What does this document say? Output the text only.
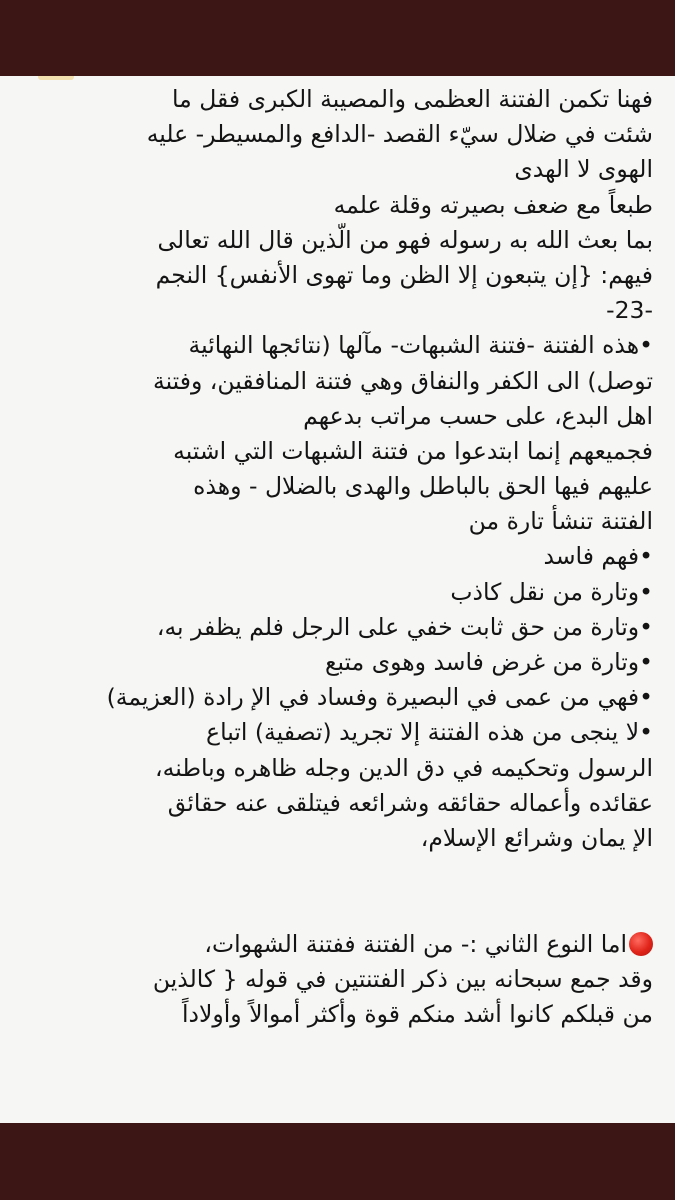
فهنا تكمن الفتنة العظمى والمصيبة الكبرى فقل ما
شئت في ضلال سيّء القصد -الدافع والمسيطر- عليه
الهوى لا الهدى
طبعاً مع ضعف بصيرته وقلة علمه
بما بعث الله به رسوله فهو من الّذين قال الله تعالى
فيهم: {إن يتبعون إلا الظن وما تهوى الأنفس} النجم
-23-
•هذه الفتنة -فتنة الشبهات- مآلها (نتائجها النهائية
توصل) الى الكفر والنفاق وهي فتنة المنافقين، وفتنة
اهل البدع، على حسب مراتب بدعهم
فجميعهم إنما ابتدعوا من فتنة الشبهات التي اشتبه
عليهم فيها الحق بالباطل والهدى بالضلال - وهذه
الفتنة تنشأ تارة من
•فهم فاسد
•وتارة من نقل كاذب
•وتارة من حق ثابت خفي على الرجل فلم يظفر به،
•وتارة من غرض فاسد وهوى متبع
•فهي من عمى في البصيرة وفساد في الإ رادة (العزيمة)
•لا ينجى من هذه الفتنة إلا تجريد (تصفية) اتباع
الرسول وتحكيمه في دق الدين وجله ظاهره وباطنه،
عقائده وأعماله حقائقه وشرائعه فيتلقى عنه حقائق
الإ يمان وشرائع الإسلام،
اما النوع الثاني :- من الفتنة ففتنة الشهوات،
وقد جمع سبحانه بين ذكر الفتنتين في قوله { كالذين
من قبلكم كانوا أشد منكم قوة وأكثر أموالاً وأولاداً
